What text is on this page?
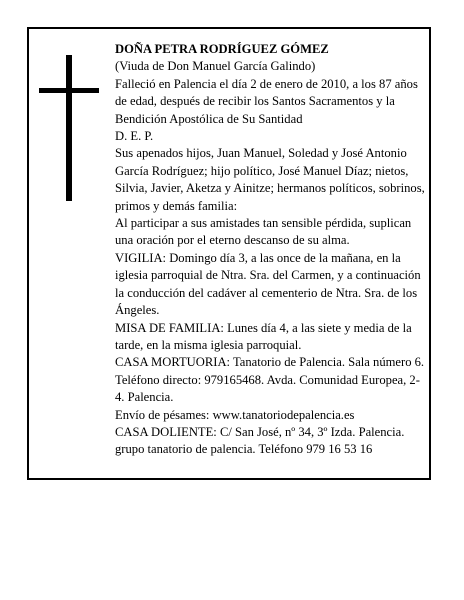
DOÑA PETRA RODRÍGUEZ GÓMEZ

(Viuda de Don Manuel García Galindo)

Falleció en Palencia el día 2 de enero de 2010, a los 87 años de edad, después de recibir los Santos Sacramentos y la Bendición Apostólica de Su Santidad

D. E. P.

Sus apenados hijos, Juan Manuel, Soledad y José Antonio García Rodríguez; hijo político, José Manuel Díaz; nietos, Silvia, Javier, Aketza y Ainitze; hermanos políticos, sobrinos, primos y demás familia:

Al participar a sus amistades tan sensible pérdida, suplican una oración por el eterno descanso de su alma.

VIGILIA: Domingo día 3, a las once de la mañana, en la iglesia parroquial de Ntra. Sra. del Carmen, y a continuación la conducción del cadáver al cementerio de Ntra. Sra. de los Ángeles.

MISA DE FAMILIA: Lunes día 4, a las siete y media de la tarde, en la misma iglesia parroquial.

CASA MORTUORIA: Tanatorio de Palencia. Sala número 6. Teléfono directo: 979165468. Avda. Comunidad Europea, 2-4. Palencia.

Envío de pésames: www.tanatoriodepalencia.es

CASA DOLIENTE: C/ San José, nº 34, 3º Izda. Palencia.

grupo tanatorio de palencia. Teléfono 979 16 53 16
